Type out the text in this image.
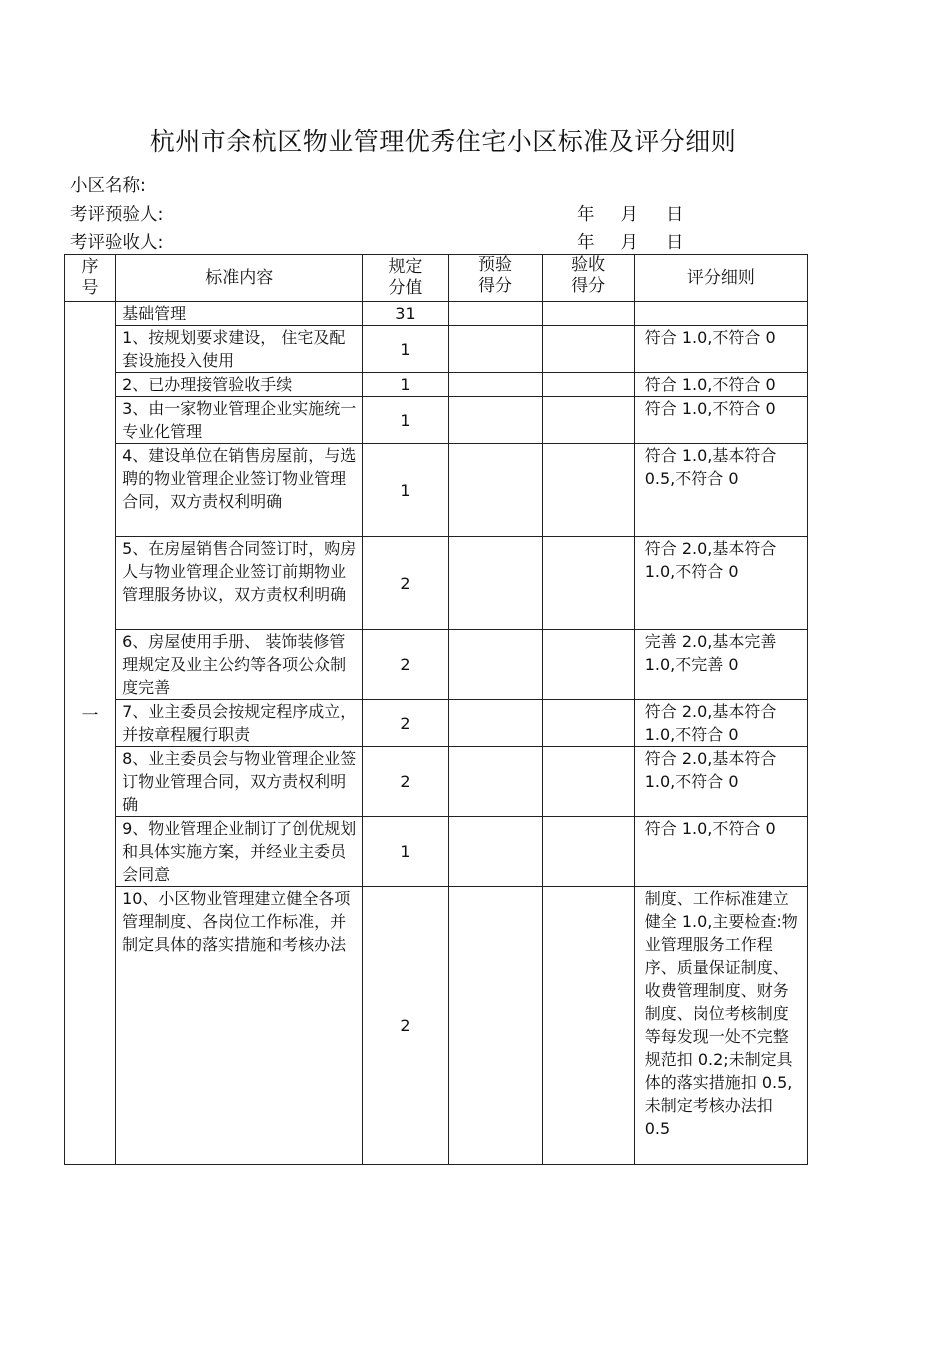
杭州市余杭区物业管理优秀住宅小区标准及评分细则
小区名称:
考评预验人:
考评验收人:
年 月 日
年 月 日
序号	标准内容	规定分值	预验得分	验收得分	评分细则
一	基础管理	31			
	1、按规划要求建设， 住宅及配套设施投入使用	1			符合 1.0,不符合 0
	2、已办理接管验收手续	1			符合 1.0,不符合 0
	3、由一家物业管理企业实施统一专业化管理	1			符合 1.0,不符合 0
	4、建设单位在销售房屋前，与选聘的物业管理企业签订物业管理合同，双方责权利明确	1			符合 1.0,基本符合 0.5,不符合 0
	5、在房屋销售合同签订时，购房人与物业管理企业签订前期物业管理服务协议，双方责权利明确	2			符合 2.0,基本符合 1.0,不符合 0
	6、房屋使用手册、 装饰装修管理规定及业主公约等各项公众制度完善	2			完善 2.0,基本完善 1.0,不完善 0
	7、业主委员会按规定程序成立，并按章程履行职责	2			符合 2.0,基本符合 1.0,不符合 0
	8、业主委员会与物业管理企业签订物业管理合同，双方责权利明确	2			符合 2.0,基本符合 1.0,不符合 0
	9、物业管理企业制订了创优规划和具体实施方案，并经业主委员会同意	1			符合 1.0,不符合 0
	10、小区物业管理建立健全各项管理制度、各岗位工作标准，并制定具体的落实措施和考核办法	2			制度、工作标准建立健全 1.0,主要检查:物业管理服务工作程序、质量保证制度、收费管理制度、财务制度、岗位考核制度等每发现一处不完整规范扣 0.2;未制定具体的落实措施扣 0.5,未制定考核办法扣 0.5
